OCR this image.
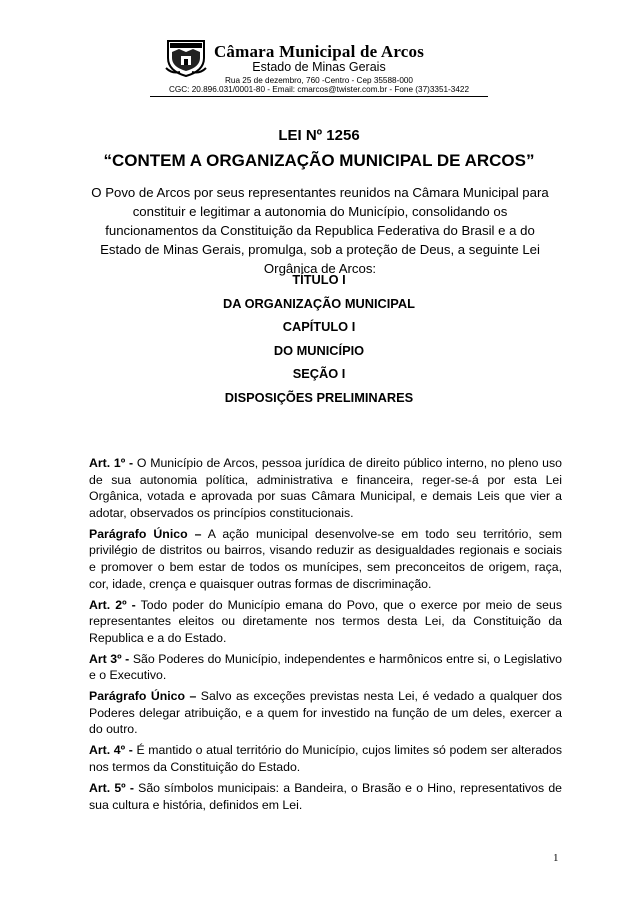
Câmara Municipal de Arcos
Estado de Minas Gerais
Rua 25 de dezembro, 760 -Centro - Cep 35588-000
CGC: 20.896.031/0001-80 - Email: cmarcos@twister.com.br - Fone (37)3351-3422
LEI Nº 1256
“CONTEM A ORGANIZAÇÃO MUNICIPAL DE ARCOS”
O Povo de Arcos por seus representantes reunidos na Câmara Municipal para constituir e legitimar a autonomia do Município, consolidando os funcionamentos da Constituição da Republica Federativa do Brasil e a do Estado de Minas Gerais, promulga, sob a proteção de Deus, a seguinte Lei Orgânica de Arcos:
TÍTULO I
DA ORGANIZAÇÃO MUNICIPAL
CAPÍTULO I
DO MUNICÍPIO
SEÇÃO I
DISPOSIÇÕES PRELIMINARES

Art. 1º - O Município de Arcos, pessoa jurídica de direito público interno, no pleno uso de sua autonomia política, administrativa e financeira, reger-se-á por esta Lei Orgânica, votada e aprovada por suas Câmara Municipal, e demais Leis que vier a adotar, observados os princípios constitucionais.

Parágrafo Único – A ação municipal desenvolve-se em todo seu território, sem privilégio de distritos ou bairros, visando reduzir as desigualdades regionais e sociais e promover o bem estar de todos os munícipes, sem preconceitos de origem, raça, cor, idade, crença e quaisquer outras formas de discriminação.

Art. 2º - Todo poder do Município emana do Povo, que o exerce por meio de seus representantes eleitos ou diretamente nos termos desta Lei, da Constituição da Republica e a do Estado.

Art 3º - São Poderes do Município, independentes e harmônicos entre si, o Legislativo e o Executivo.

Parágrafo Único – Salvo as exceções previstas nesta Lei, é vedado a qualquer dos Poderes delegar atribuição, e a quem for investido na função de um deles, exercer a do outro.

Art. 4º - É mantido o atual território do Município, cujos limites só podem ser alterados nos termos da Constituição do Estado.

Art. 5º - São símbolos municipais: a Bandeira, o Brasão e o Hino, representativos de sua cultura e história, definidos em Lei.

1
